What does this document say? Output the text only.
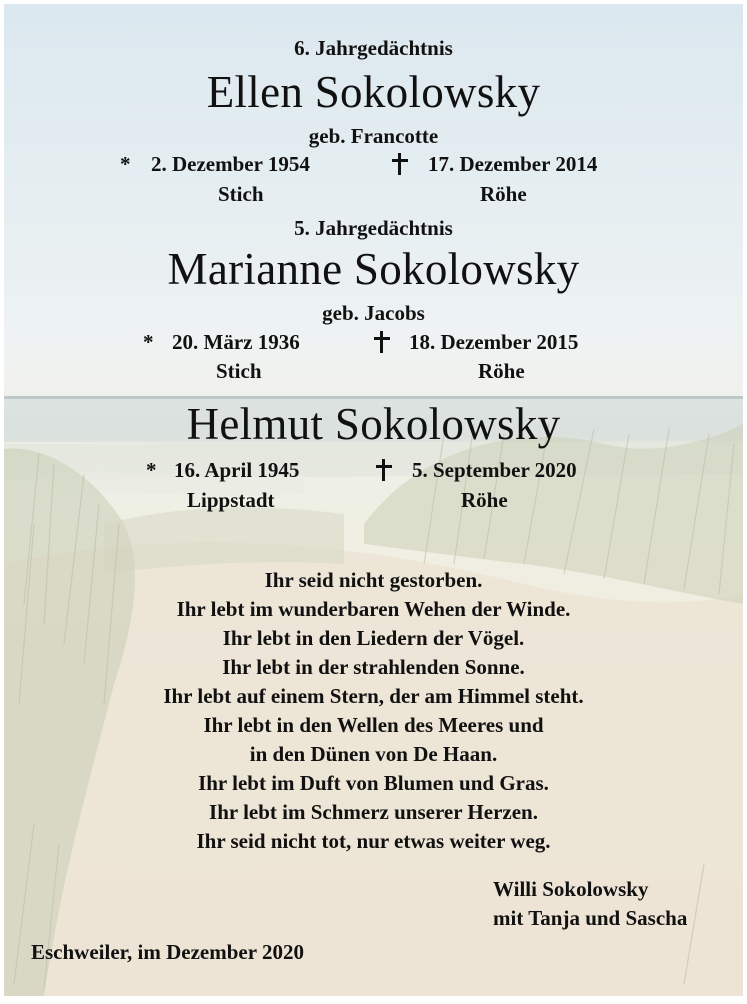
6. Jahrgedächtnis
Ellen Sokolowsky
geb. Francotte
* 2. Dezember 1954	17. Dezember 2014
Stich	Röhe
5. Jahrgedächtnis
Marianne Sokolowsky
geb. Jacobs
* 20. März 1936	18. Dezember 2015
Stich	Röhe
Helmut Sokolowsky
* 16. April 1945	5. September 2020
Lippstadt	Röhe
Ihr seid nicht gestorben.
Ihr lebt im wunderbaren Wehen der Winde.
Ihr lebt in den Liedern der Vögel.
Ihr lebt in der strahlenden Sonne.
Ihr lebt auf einem Stern, der am Himmel steht.
Ihr lebt in den Wellen des Meeres und
in den Dünen von De Haan.
Ihr lebt im Duft von Blumen und Gras.
Ihr lebt im Schmerz unserer Herzen.
Ihr seid nicht tot, nur etwas weiter weg.
Willi Sokolowsky
mit Tanja und Sascha
Eschweiler, im Dezember 2020
